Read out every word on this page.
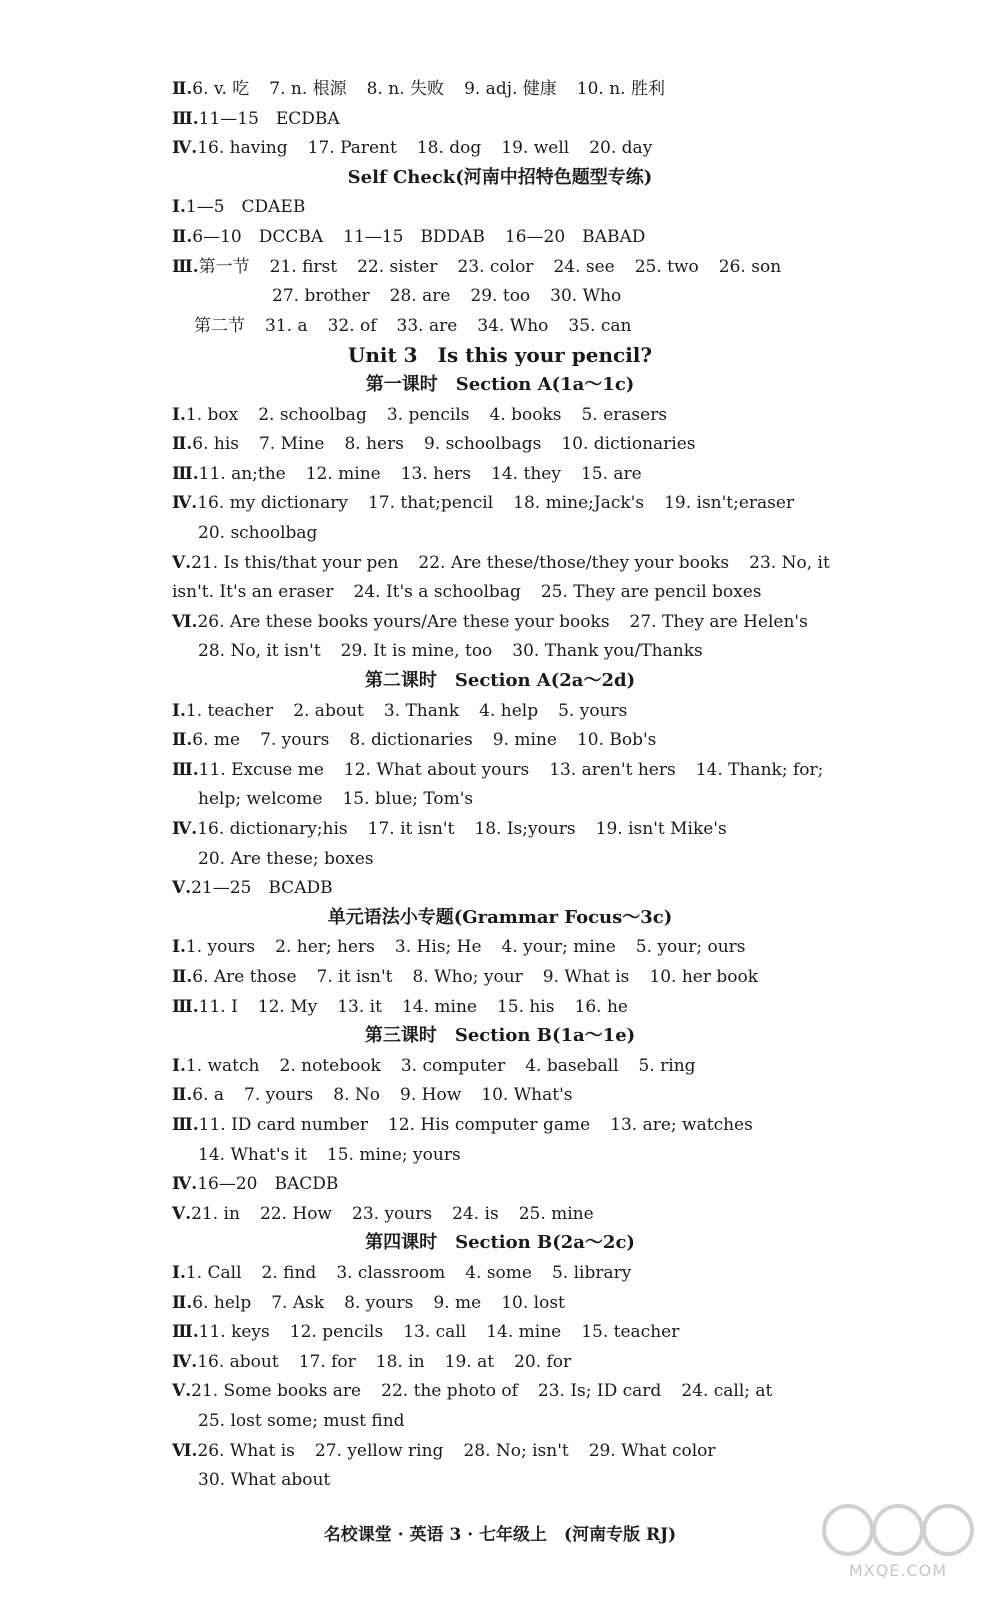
Ⅱ.6. v. 吃 7. n. 根源 8. n. 失败 9. adj. 健康 10. n. 胜利
Ⅲ.11—15　ECDBA
Ⅳ.16. having 17. Parent 18. dog 19. well 20. day
Self Check(河南中招特色题型专练)
Ⅰ.1—5　CDAEB
Ⅱ.6—10　DCCBA 11—15　BDDAB 16—20　BABAD
Ⅲ.第一节 21. first 22. sister 23. color 24. see 25. two 26. son
27. brother 28. are 29. too 30. Who
第二节 31. a 32. of 33. are 34. Who 35. can
Unit 3　Is this your pencil?
第一课时　Section A(1a～1c)
Ⅰ.1. box 2. schoolbag 3. pencils 4. books 5. erasers
Ⅱ.6. his 7. Mine 8. hers 9. schoolbags 10. dictionaries
Ⅲ.11. an;the 12. mine 13. hers 14. they 15. are
Ⅳ.16. my dictionary 17. that;pencil 18. mine;Jack's 19. isn't;eraser
20. schoolbag
Ⅴ.21. Is this/that your pen 22. Are these/those/they your books 23. No, it
isn't. It's an eraser 24. It's a schoolbag 25. They are pencil boxes
Ⅵ.26. Are these books yours/Are these your books 27. They are Helen's
28. No, it isn't 29. It is mine, too 30. Thank you/Thanks
第二课时　Section A(2a～2d)
Ⅰ.1. teacher 2. about 3. Thank 4. help 5. yours
Ⅱ.6. me 7. yours 8. dictionaries 9. mine 10. Bob's
Ⅲ.11. Excuse me 12. What about yours 13. aren't hers 14. Thank; for;
help; welcome 15. blue; Tom's
Ⅳ.16. dictionary;his 17. it isn't 18. Is;yours 19. isn't Mike's
20. Are these; boxes
Ⅴ.21—25　BCADB
单元语法小专题(Grammar Focus～3c)
Ⅰ.1. yours 2. her; hers 3. His; He 4. your; mine 5. your; ours
Ⅱ.6. Are those 7. it isn't 8. Who; your 9. What is 10. her book
Ⅲ.11. I 12. My 13. it 14. mine 15. his 16. he
第三课时　Section B(1a～1e)
Ⅰ.1. watch 2. notebook 3. computer 4. baseball 5. ring
Ⅱ.6. a 7. yours 8. No 9. How 10. What's
Ⅲ.11. ID card number 12. His computer game 13. are; watches
14. What's it 15. mine; yours
Ⅳ.16—20　BACDB
Ⅴ.21. in 22. How 23. yours 24. is 25. mine
第四课时　Section B(2a～2c)
Ⅰ.1. Call 2. find 3. classroom 4. some 5. library
Ⅱ.6. help 7. Ask 8. yours 9. me 10. lost
Ⅲ.11. keys 12. pencils 13. call 14. mine 15. teacher
Ⅳ.16. about 17. for 18. in 19. at 20. for
Ⅴ.21. Some books are 22. the photo of 23. Is; ID card 24. call; at
25. lost some; must find
Ⅵ.26. What is 27. yellow ring 28. No; isn't 29. What color
30. What about
名校课堂 · 英语 3 · 七年级上　(河南专版 RJ)
MXQE.COM
